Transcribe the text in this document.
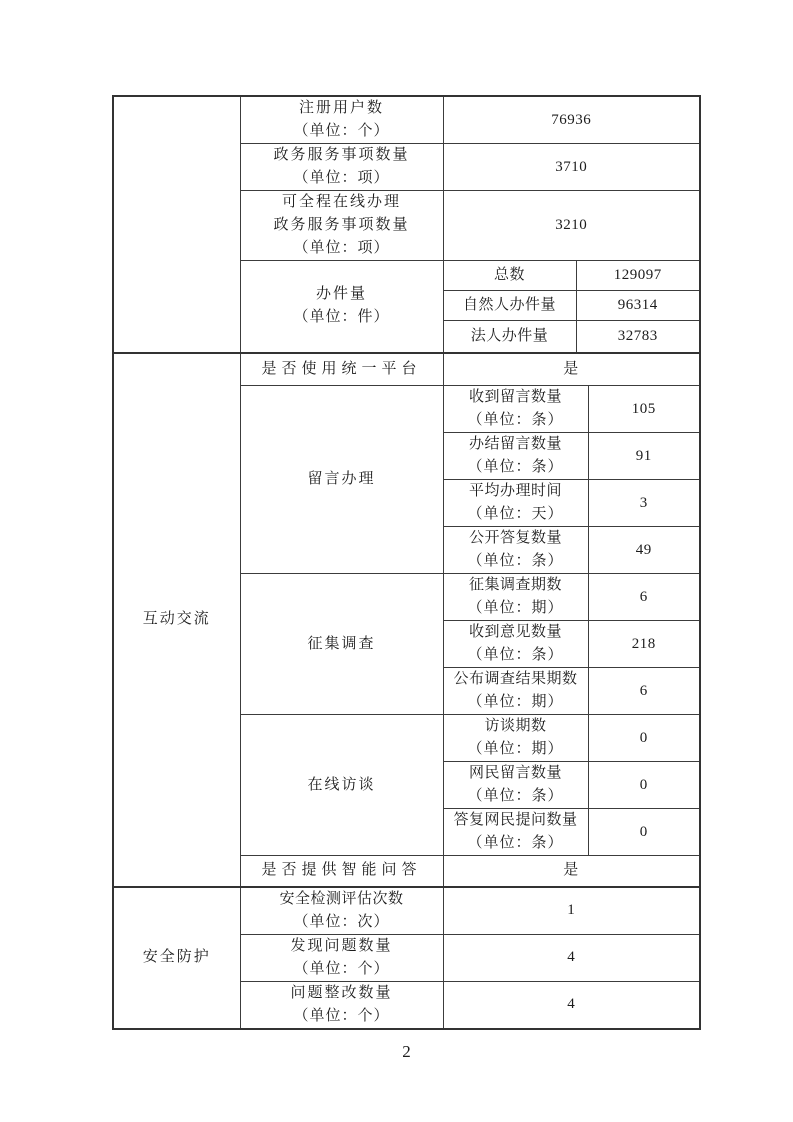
	注册用户数
（单位：个）	76936		

	政务服务事项数量
（单位：项）	3710		

	可全程在线办理
政务服务事项数量
（单位：项）	3210		

	办件量
（单位：件）	总数	129097	
		自然人办件量	96314	
		法人办件量	32783	
互动交流	是否使用统一平台	是		
	留言办理	收到留言数量
（单位：条）		105

		办结留言数量
（单位：条）		91

		平均办理时间
（单位：天）		3

		公开答复数量
（单位：条）		49
	征集调查	征集调查期数
（单位：期）		6

		收到意见数量
（单位：条）		218

		公布调查结果期数
（单位：期）		6
	在线访谈	访谈期数
（单位：期）		0

		网民留言数量
（单位：条）		0

		答复网民提问数量
（单位：条）		0
	是否提供智能问答	是		
安全防护	安全检测评估次数
（单位：次）	1		

	发现问题数量
（单位：个）	4		

	问题整改数量
（单位：个）	4		
2
